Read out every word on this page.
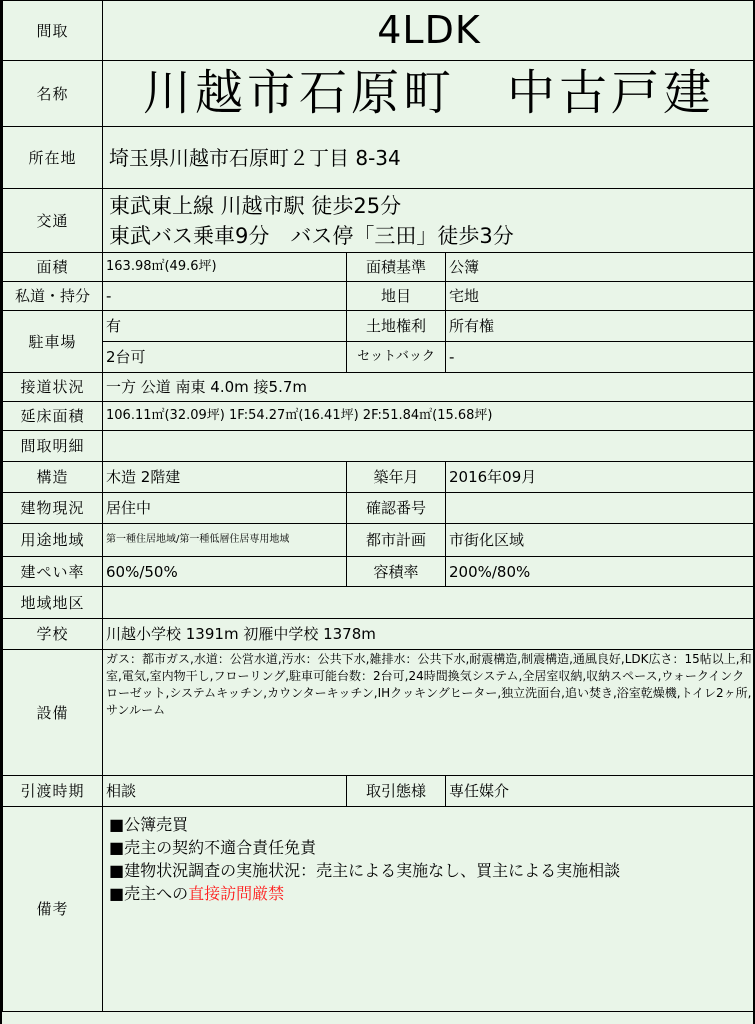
間取	4LDK		
名称	川越市石原町　中古戸建		
所在地	埼玉県川越市石原町２丁目 8-34		
交通	東武東上線 川越市駅 徒歩25分
東武バス乗車9分　バス停「三田」徒歩3分		

面積	163.98㎡(49.6坪)	面積基準	公簿
私道・持分	-	地目	宅地
駐車場	有	土地権利	所有権
	2台可	セットバック	-
接道状況	一方 公道 南東 4.0m 接5.7m		
延床面積	106.11㎡(32.09坪) 1F:54.27㎡(16.41坪) 2F:51.84㎡(15.68坪)		
間取明細			
構造	木造 2階建	築年月	2016年09月
建物現況	居住中	確認番号	
用途地域	第一種住居地域/第一種低層住居専用地域	都市計画	市街化区域
建ぺい率	60%/50%	容積率	200%/80%
地域地区			
学校	川越小学校 1391m 初雁中学校 1378m		
設備	ガス：都市ガス,水道：公営水道,汚水：公共下水,雑排水：公共下水,耐震構造,制震構造,通風良好,LDK広さ：15帖以上,和室,電気,室内物干し,フローリング,駐車可能台数：2台可,24時間換気システム,全居室収納,収納スペース,ウォークインクローゼット,システムキッチン,カウンターキッチン,IHクッキングヒーター,独立洗面台,追い焚き,浴室乾燥機,トイレ2ヶ所,サンルーム		
引渡時期	相談	取引態様	専任媒介
備考	■公簿売買
■売主の契約不適合責任免責
■建物状況調査の実施状況：売主による実施なし、買主による実施相談
■売主への直接訪問厳禁		
